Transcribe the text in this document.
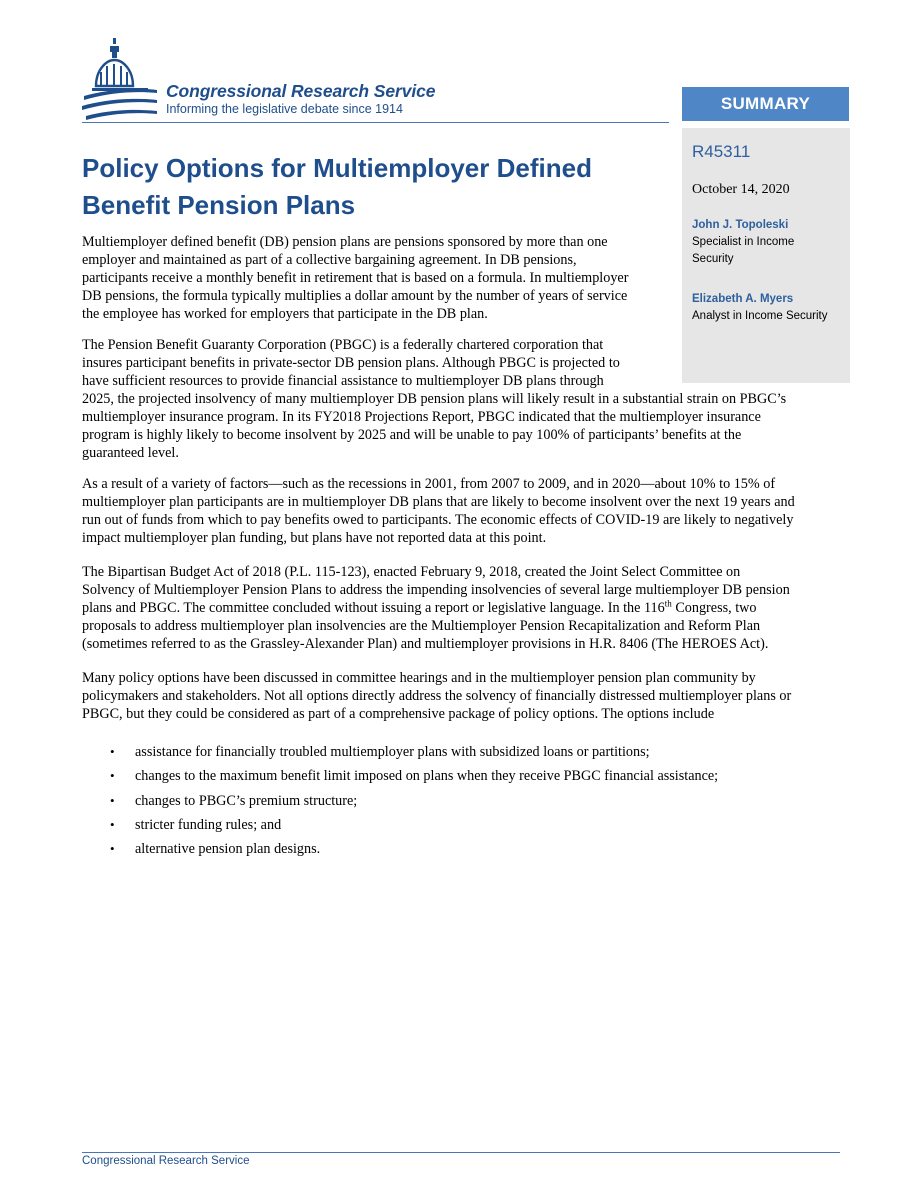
Congressional Research Service
Informing the legislative debate since 1914	SUMMARY
R45311
October 14, 2020
John J. Topoleski
Specialist in Income
Security
Elizabeth A. Myers
Analyst in Income Security
Policy Options for Multiemployer Defined
Benefit Pension Plans

Multiemployer defined benefit (DB) pension plans are pensions sponsored by more than one
employer and maintained as part of a collective bargaining agreement. In DB pensions,
participants receive a monthly benefit in retirement that is based on a formula. In multiemployer
DB pensions, the formula typically multiplies a dollar amount by the number of years of service
the employee has worked for employers that participate in the DB plan.

The Pension Benefit Guaranty Corporation (PBGC) is a federally chartered corporation that
insures participant benefits in private-sector DB pension plans. Although PBGC is projected to
have sufficient resources to provide financial assistance to multiemployer DB plans through
2025, the projected insolvency of many multiemployer DB pension plans will likely result in a substantial strain on PBGC’s
multiemployer insurance program. In its FY2018 Projections Report, PBGC indicated that the multiemployer insurance
program is highly likely to become insolvent by 2025 and will be unable to pay 100% of participants’ benefits at the
guaranteed level.

As a result of a variety of factors—such as the recessions in 2001, from 2007 to 2009, and in 2020—about 10% to 15% of
multiemployer plan participants are in multiemployer DB plans that are likely to become insolvent over the next 19 years and
run out of funds from which to pay benefits owed to participants. The economic effects of COVID-19 are likely to negatively
impact multiemployer plan funding, but plans have not reported data at this point.

The Bipartisan Budget Act of 2018 (P.L. 115-123), enacted February 9, 2018, created the Joint Select Committee on
Solvency of Multiemployer Pension Plans to address the impending insolvencies of several large multiemployer DB pension
plans and PBGC. The committee concluded without issuing a report or legislative language. In the 116th Congress, two
proposals to address multiemployer plan insolvencies are the Multiemployer Pension Recapitalization and Reform Plan
(sometimes referred to as the Grassley-Alexander Plan) and multiemployer provisions in H.R. 8406 (The HEROES Act).

Many policy options have been discussed in committee hearings and in the multiemployer pension plan community by
policymakers and stakeholders. Not all options directly address the solvency of financially distressed multiemployer plans or
PBGC, but they could be considered as part of a comprehensive package of policy options. The options include

• assistance for financially troubled multiemployer plans with subsidized loans or partitions;
• changes to the maximum benefit limit imposed on plans when they receive PBGC financial assistance;
• changes to PBGC’s premium structure;
• stricter funding rules; and
• alternative pension plan designs.
Congressional Research Service
